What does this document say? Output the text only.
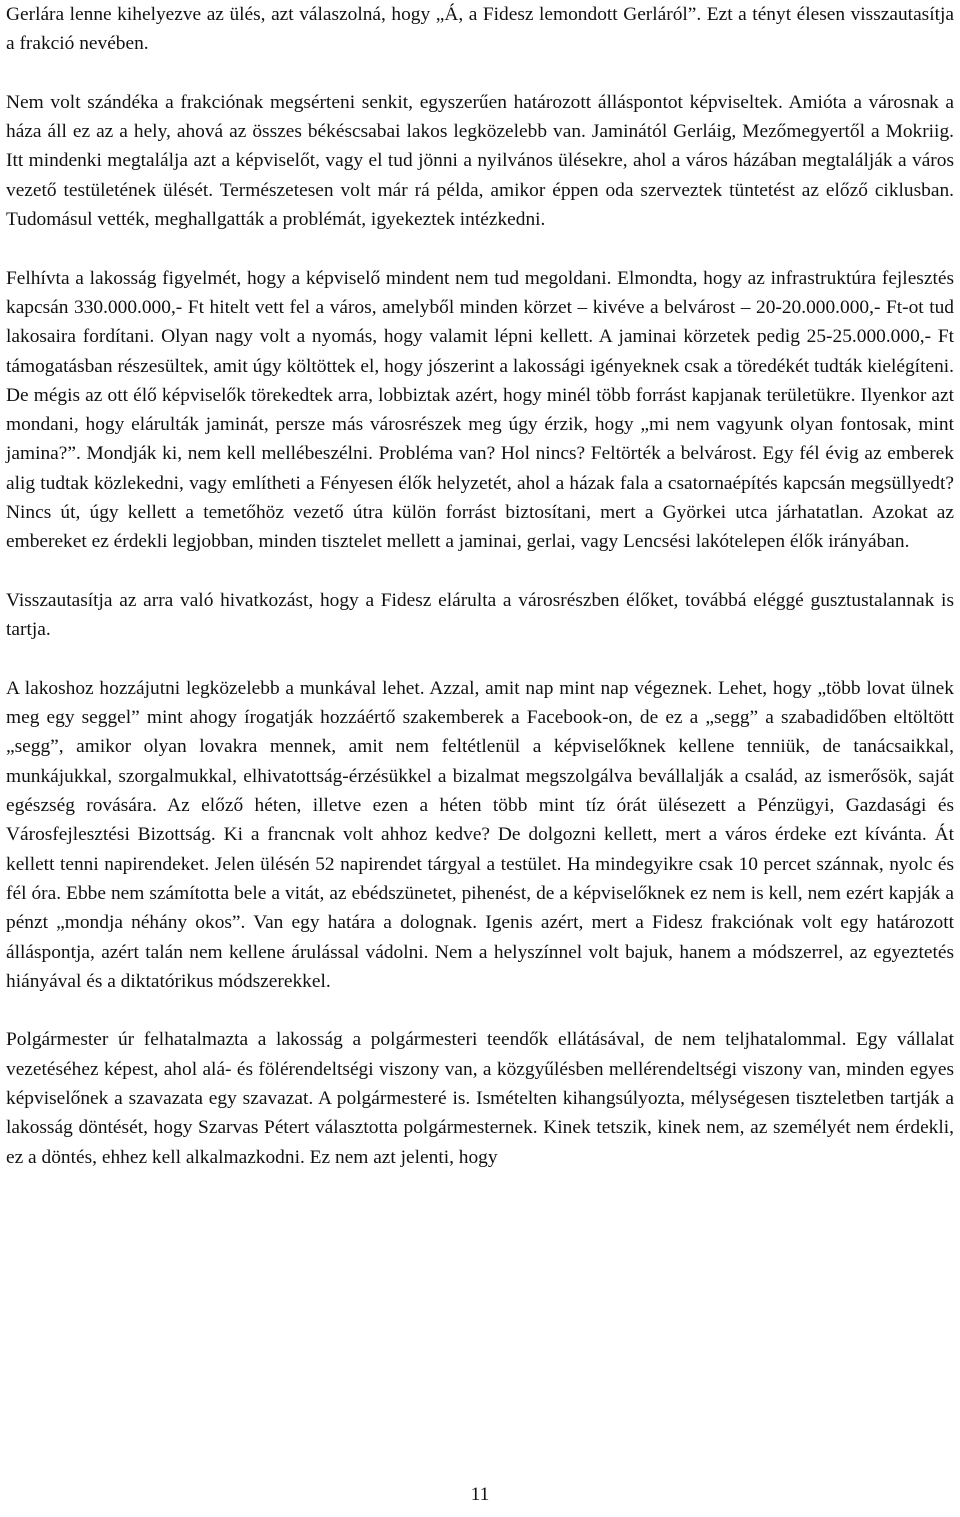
Gerlára lenne kihelyezve az ülés, azt válaszolná, hogy „Á, a Fidesz lemondott Gerláról”. Ezt a tényt élesen visszautasítja a frakció nevében.

Nem volt szándéka a frakciónak megsérteni senkit, egyszerűen határozott álláspontot képviseltek. Amióta a városnak a háza áll ez az a hely, ahová az összes békéscsabai lakos legközelebb van. Jaminától Gerláig, Mezőmegyertől a Mokriig. Itt mindenki megtalálja azt a képviselőt, vagy el tud jönni a nyilvános ülésekre, ahol a város házában megtalálják a város vezető testületének ülését. Természetesen volt már rá példa, amikor éppen oda szerveztek tüntetést az előző ciklusban. Tudomásul vették, meghallgatták a problémát, igyekeztek intézkedni.

Felhívta a lakosság figyelmét, hogy a képviselő mindent nem tud megoldani. Elmondta, hogy az infrastruktúra fejlesztés kapcsán 330.000.000,- Ft hitelt vett fel a város, amelyből minden körzet – kivéve a belvárost – 20-20.000.000,- Ft-ot tud lakosaira fordítani. Olyan nagy volt a nyomás, hogy valamit lépni kellett. A jaminai körzetek pedig 25-25.000.000,- Ft támogatásban részesültek, amit úgy költöttek el, hogy jószerint a lakossági igényeknek csak a töredékét tudták kielégíteni. De mégis az ott élő képviselők törekedtek arra, lobbiztak azért, hogy minél több forrást kapjanak területükre. Ilyenkor azt mondani, hogy elárulták jaminát, persze más városrészek meg úgy érzik, hogy „mi nem vagyunk olyan fontosak, mint jamina?”. Mondják ki, nem kell mellébeszélni. Probléma van? Hol nincs? Feltörték a belvárost. Egy fél évig az emberek alig tudtak közlekedni, vagy említheti a Fényesen élők helyzetét, ahol a házak fala a csatornaépítés kapcsán megsüllyedt? Nincs út, úgy kellett a temetőhöz vezető útra külön forrást biztosítani, mert a Györkei utca járhatatlan. Azokat az embereket ez érdekli legjobban, minden tisztelet mellett a jaminai, gerlai, vagy Lencsési lakótelepen élők irányában.

Visszautasítja az arra való hivatkozást, hogy a Fidesz elárulta a városrészben élőket, továbbá eléggé gusztustalannak is tartja.

A lakoshoz hozzájutni legközelebb a munkával lehet. Azzal, amit nap mint nap végeznek. Lehet, hogy „több lovat ülnek meg egy seggel” mint ahogy írogatják hozzáértő szakemberek a Facebook-on, de ez a „segg” a szabadidőben eltöltött „segg”, amikor olyan lovakra mennek, amit nem feltétlenül a képviselőknek kellene tenniük, de tanácsaikkal, munkájukkal, szorgalmukkal, elhivatottság-érzésükkel a bizalmat megszolgálva bevállalják a család, az ismerősök, saját egészség rovására. Az előző héten, illetve ezen a héten több mint tíz órát ülésezett a Pénzügyi, Gazdasági és Városfejlesztési Bizottság. Ki a francnak volt ahhoz kedve? De dolgozni kellett, mert a város érdeke ezt kívánta. Át kellett tenni napirendeket. Jelen ülésén 52 napirendet tárgyal a testület. Ha mindegyikre csak 10 percet szánnak, nyolc és fél óra. Ebbe nem számította bele a vitát, az ebédszünetet, pihenést, de a képviselőknek ez nem is kell, nem ezért kapják a pénzt „mondja néhány okos”. Van egy határa a dolognak. Igenis azért, mert a Fidesz frakciónak volt egy határozott álláspontja, azért talán nem kellene árulással vádolni. Nem a helyszínnel volt bajuk, hanem a módszerrel, az egyeztetés hiányával és a diktatórikus módszerekkel.

Polgármester úr felhatalmazta a lakosság a polgármesteri teendők ellátásával, de nem teljhatalommal. Egy vállalat vezetéséhez képest, ahol alá- és fölérendeltségi viszony van, a közgyűlésben mellérendeltségi viszony van, minden egyes képviselőnek a szavazata egy szavazat. A polgármesteré is. Ismételten kihangsúlyozta, mélységesen tiszteletben tartják a lakosság döntését, hogy Szarvas Pétert választotta polgármesternek. Kinek tetszik, kinek nem, az személyét nem érdekli, ez a döntés, ehhez kell alkalmazkodni. Ez nem azt jelenti, hogy

11
